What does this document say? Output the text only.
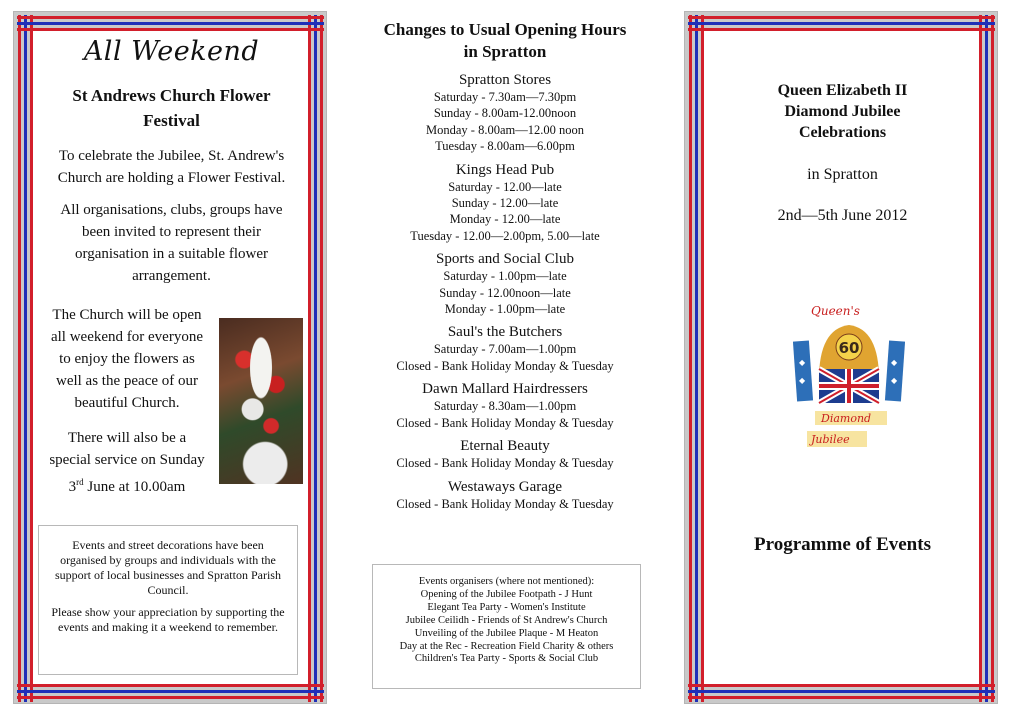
All Weekend
St Andrews Church Flower
Festival
To celebrate the Jubilee, St. Andrew's
Church are holding a Flower Festival.
All organisations, clubs, groups have
been invited to represent their
organisation in a suitable flower
arrangement.
The Church will be open
all weekend for everyone
to enjoy the flowers as
well as the peace of our
beautiful Church.
There will also be a
special service on Sunday
3rd June at 10.00am

Events and street decorations have been organised by groups and individuals with the support of local businesses and Spratton Parish Council.

Please show your appreciation by supporting the events and making it a weekend to remember.

Changes to Usual Opening Hours
in Spratton
Spratton Stores
Saturday - 7.30am—7.30pm
Sunday - 8.00am-12.00noon
Monday - 8.00am—12.00 noon
Tuesday - 8.00am—6.00pm
Kings Head Pub
Saturday - 12.00—late
Sunday - 12.00—late
Monday - 12.00—late
Tuesday - 12.00—2.00pm, 5.00—late
Sports and Social Club
Saturday - 1.00pm—late
Sunday - 12.00noon—late
Monday - 1.00pm—late
Saul's the Butchers
Saturday - 7.00am—1.00pm
Closed - Bank Holiday Monday & Tuesday
Dawn Mallard Hairdressers
Saturday - 8.30am—1.00pm
Closed - Bank Holiday Monday & Tuesday
Eternal Beauty
Closed - Bank Holiday Monday & Tuesday
Westaways Garage
Closed - Bank Holiday Monday & Tuesday
Events organisers (where not mentioned):
Opening of the Jubilee Footpath - J Hunt
Elegant Tea Party - Women's Institute
Jubilee Ceilidh - Friends of St Andrew's Church
Unveiling of the Jubilee Plaque - M Heaton
Day at the Rec - Recreation Field Charity & others
Children's Tea Party - Sports & Social Club
Queen Elizabeth II
Diamond Jubilee
Celebrations
in Spratton
2nd—5th June 2012
◆
◆
◆
◆
Queen's
60
Diamond
Jubilee
Programme of Events
